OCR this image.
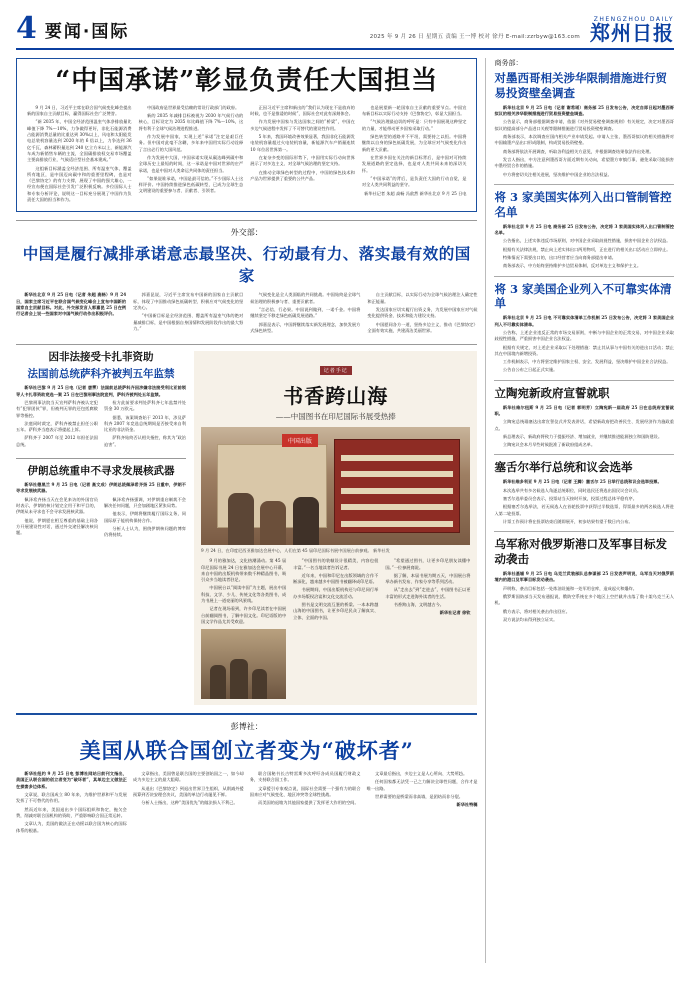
4 要闻·国际	2025 年 9 月 26 日 星期五 责编 王一博 校对 徐丹 E-mail:zzrbyw@163.com
ZHENGZHOU DAILY
郑州日报
“中国承诺”彰显负责任大国担当

9 月 24 日，习近平主席在联合国气候变化峰会提出新的国家自主贡献目标，赢得国际社会广泛赞誉。

“新 2035 年，中国全经济范围温室气体净排放量比峰值下降 7%～10%，力争做得更好，非化石能源消费占能源消费总量的比重达到 30%以上，风电和太阳能发电总装机容量达到 2020 年的 6 倍以上，力争达到 36 亿千瓦，森林蓄积量达到 240 亿立方米以上，新能源汽车成为新销售车辆的主流，全国碳排放权交易市场覆盖主要高排放行业，气候适应型社会基本建成。”

这组新目标涵盖全经济范围、所有温室气体，覆盖所有地区，是中国迈向碳中和的重要里程碑，也是对《巴黎协定》的有力支撑，展现了中国的强大雄心，一经宣布便在国际社会引发广泛积极反响。多位国际人士和专家分析评论，说明这一目标充分展现了中国作为负责任大国的担当和作为。

中国政府是世界最受信赖的常设行政部门的政府。

新的 2035 年减排目标被视为 2030 年气候行动的核心，目标设定为 2035 年比峰值下降 7%～10%，这将有利于全球气候治理进程推进。

作为发展中国家，实现上述“承诺”注定是艰巨任务。但中国对此毫不含糊，多年来中国用实际行动诠释了言出必行的大国风范。

作为发展中大国，中国承诺实现从碳达峰到碳中和全球历史上最短的时间，这一承诺是中国对世界的庄严承诺，也是中国对人类命运共同体的责任担当。

“如果说谁承诺，中国是最可信的。”不少国际人士这样评价。中国持续推进绿色低碳转型，已成为全球生态文明建设的重要参与者、贡献者、引领者。

正因习近平主席和新出的“我们认为现在不是放弃的时候，也不是推诿的时候”，国际社会对此有深刻体会。

作为发展中国家与发达国家之间的“桥梁”，中国在多边气候进程中发挥了不可替代的建设性作用。

5 年来，我国环境改善效果显著，我国非化石能源发电装机容量超过火电装机容量，新能源汽车产销量连续 10 年位居世界第一。

在复杂多变的国际形势下，中国用实际行动向世界展示了对多边主义、对全球气候治理的坚定支持。

在推动全球绿色转型的过程中，中国的绿色技术和产品为世界提供了重要的公共产品。

也是展望新一轮国家自主贡献的重要节点。中国宣布新目标以实际行动支持《巴黎协定》，彰显大国担当。

“气候治理最迫切的呼吁是：只有中国展现这种坚定的力量，才能带动更多国家采取行动。”

绿色转型的道路并不平坦，需要持之以恒。中国将继续以自身的绿色低碳发展，为全球应对气候变化作出新的更大贡献。

在世界多国在关注的新目标背后，是中国对可持续发展道路的坚定选择，也是对人类共同未来的深切关怀。

“中国承诺”的背后，是负责任大国的行动自觉，是对全人类共同利益的坚守。

新华社记者 朱超 高畅 冯歆然 新华社北京 9 月 25 日电
外交部：
中国是履行减排承诺意志最坚决、行动最有力、落实最有效的国家

新华社北京 9 月 25 日电（记者 朱超 高畅）9 月 24 日，国家主席习近平在联合国气候变化峰会上宣布中国新的国家自主贡献目标。对此，外交部发言人郭嘉昆 25 日在例行记者会上说一些国家对中国气候行动作出积极评价。

郭嘉昆说，习近平主席宣布中国新的国家自主贡献目标，体现了中国推动绿色低碳转型、积极应对气候变化的坚定决心。

“中国新目标是全经济范围、覆盖所有温室气体的绝对量减排目标，是中国根据自身国情和发展阶段作出的最大努力。”

气候变化是全人类面临的共同挑战。中国始终是全球气候治理的积极参与者、重要贡献者。

“言必信、行必果。中国说到做到，一诺千金。中国将继续坚定不移走绿色低碳发展道路。”

郭嘉昆表示，中国将继续落实新发展理念，加快发展方式绿色转型。

自主贡献目标，以实际行动为全球气候治理注入确定性和正能量。

发达国家应切实履行出资义务，为发展中国家应对气候变化提供资金、技术和能力建设支持。

中国愿同各方一道，坚持多边主义，推动《巴黎协定》全面有效实施，共建清洁美丽世界。

因非法接受卡扎菲资助
法国前总统萨科齐被判五年监禁

新华社巴黎 9 月 25 日电（记者 唐霁）法国前总统萨科齐因涉嫌非法接受利比亚前领导人卡扎菲资助竞选一案 25 日在巴黎刑事法院宣判，萨科齐被判处五年监禁。

巴黎刑事法院当天宣判萨科齐被认定犯有“犯罪团伙”罪，但被判无罪的还包括腐败罪等指控。

法庭同时裁定，萨科齐被禁止担任公职五年。萨科齐当庭表示将提起上诉。

萨科齐于 2007 年至 2012 年担任法国总统。

检方此前要求判处萨科齐七年监禁并处罚金 30 万欧元。

据悉，该案调查始于 2013 年，涉及萨科齐 2007 年竞选总统期间是否接受来自利比亚的非法资金。

萨科齐始终否认相关指控，称其为“政治迫害”。

伊朗总统重申不寻求发展核武器

新华社德黑兰 9 月 25 日电（记者 高文成）伊朗总统佩泽希齐扬 25 日重申，伊朗不寻求发展核武器。

佩泽希齐扬当天在会见来访的外国官员时表示，伊朗的核计划完全用于和平目的，伊朗从未寻求也不会寻求发展核武器。

他说，伊朗愿在相互尊重的基础上同各方开展建设性对话，通过外交途径解决核问题。

佩泽希齐扬强调，对伊朗重启制裁不会解决任何问题，只会加剧地区紧张局势。

他表示，伊朗将继续履行国际义务，同国际原子能机构保持合作。

分析人士认为，围绕伊朗核问题的博弈仍将持续。

记者手记
书香跨山海
——中国图书在印尼国际书展受热捧
中国出版
9 月 24 日，在印度尼西亚雅加达会展中心，人们在第 45 届印尼国际书展中国展台前参观。 新华社发

9 月的雅加达，文化热潮涌动。第 45 届印尼国际书展 24 日在雅加达会展中心开幕，来自中国的出版机构带来数千种精品图书，吸引众多当地读者驻足。

中国展台以“阅读中国”为主题，展出中国科技、文学、少儿、传统文化等各类图书，成为书展上一道亮丽的风景线。

记者在现场看到，许多印尼读者在中国展台前翻阅图书，了解中国文化。印尼语版的中国文学作品尤其受欢迎。

“中国图书的装帧设计很精美，内容也很丰富。”一名当地读者告诉记者。

近年来，中国和印尼在出版领域的合作不断深化，越来越多中国图书被翻译成印尼语。

书展期间，中国出版机构还与印尼同行举办多场版权洽谈和文化交流活动。

图书是文明交流互鉴的桥梁。一本本跨越山海的中国图书，让更多印尼民众了解真实、立体、全面的中国。

“希望通过图书，让更多印尼朋友读懂中国。”一位参展商说。

据了解，本届书展为期五天，中国展台将举办新书发布、作家分享等系列活动。

从“走出去”到“走进去”，中国图书正以更丰富的形式走进海外读者的生活。

书香跨山海，文明越古今。

新华社记者 徐钦

彭博社：
美国从联合国创立者变为“破坏者”

新华社纽约 9 月 25 日电 彭博社网站日前刊文指出，美国正从联合国的创立者变为“破坏者”，其单边主义做法正在损害多边体系。

文章说，联合国成立 80 年来，为维护世界和平与发展发挥了不可替代的作用。

然而近年来，美国退出多个国际组织和协定，拖欠会费，削减对联合国机构的资助，严重影响联合国正常运转。

文章认为，美国的做法正在动摇以联合国为核心的国际体系的根基。

文章指出，美国曾是联合国的主要创始国之一，如今却成为多边主义的最大阻碍。

从退出《巴黎协定》到退出世界卫生组织，从削减外援预算到否决安理会决议，美国的单边行动屡见不鲜。

分析人士指出，这种“美国优先”的做法损人不利己。

联合国秘书长古特雷斯多次呼吁各成员国履行财政义务，支持联合国工作。

文章援引专家观点说，国际社会需要一个强有力的联合国来应对气候变化、地区冲突等全球性挑战。

而美国的退缩为其他国家提供了发挥更大作用的空间。

文章最后指出，多边主义是人心所向、大势所趋。

任何国家都无法凭一己之力解决全球性问题，合作才是唯一出路。

世界需要的是桥梁而非高墙，是团结而非分裂。

新华社特稿

商务部：
对墨西哥相关涉华限制措施进行贸易投资壁垒调查

新华社北京 9 月 25 日电（记者 谢希瑶）商务部 25 日发布公告，决定自即日起对墨西哥拟议的相关涉华限制措施进行贸易投资壁垒调查。

公告显示，商务部根据调查申请，依据《对外贸易壁垒调查规则》有关规定，决定对墨西哥拟议的提高部分产品进口关税等限制措施进行贸易投资壁垒调查。

商务部表示，本次调查应国内相关产业申请发起。申请人主张，墨西哥拟议的相关措施将对中国输墨产品出口形成限制，构成贸易投资壁垒。

商务部将依法开展调查，听取各利益相关方意见，并根据调查结果依法作出处理。

发言人指出，中方注意到墨西哥方面近期有关动向，希望墨方审慎行事，避免采取可能损害中墨经贸合作的措施。

中方将密切关注相关进展，坚决维护中国企业的合法权益。

将 3 家美国实体列入出口管制管控名单

新华社北京 9 月 25 日电 商务部 25 日发布公告，决定将 3 家美国实体列入出口管制管控名单。

公告指出，上述实体违反市场原则，对中国企业采取歧视性措施，损害中国企业合法权益。

根据有关法律法规，禁止向上述实体出口两用物项，正在进行的相关出口活动应立即停止。

特殊情况下需要出口的，出口经营者应当向商务部提出申请。

商务部表示，中方始终坚持维护多边贸易体制，反对单边主义和保护主义。

将 3 家美国企业列入不可靠实体清单

新华社北京 9 月 25 日电 不可靠实体清单工作机制 25 日发布公告，决定将 3 家美国企业列入不可靠实体清单。

公告称，上述企业违反正常的市场交易原则，中断与中国企业的正常交易，对中国企业采取歧视性措施，严重损害中国企业合法权益。

根据有关规定，对上述企业采取以下处理措施：禁止其从事与中国有关的进出口活动；禁止其在中国境内新增投资。

工作机制表示，中方将坚定维护国家主权、安全、发展利益，坚决维护中国企业合法权益。

公告自公布之日起正式实施。

立陶宛新政府宣誓就职

新华社维尔纽斯 9 月 25 日电（记者 郭明芳）立陶宛新一届政府 25 日在总统府宣誓就职。

立陶宛总统瑙塞达出席宣誓仪式并发表讲话，希望新政府把改善民生、发展经济作为施政重点。

新总理表示，新政府将致力于提振经济、增加就业，并继续推进能源独立和国防建设。

立陶宛议会本月早些时候批准了新政府组成名单。

塞舌尔举行总统和议会选举

新华社维多利亚 9 月 25 日电（记者 王腾）塞舌尔 25 日举行总统和议会选举投票。

本次选举共有多名候选人角逐总统职位，同时选民还将选出国民议会议员。

塞舌尔选举委员会表示，投票站当天按时开放，投票过程总体平稳有序。

根据塞舌尔选举法，若无候选人在首轮投票中获得过半数选票，得票最多的两名候选人将进入第二轮投票。

计票工作预计将在投票结束后随即展开，初步结果有望于数日内公布。

乌军称对俄罗斯港口及军事目标发动袭击

新华社基辅 9 月 25 日电 乌克兰武装部队总参谋部 25 日发表声明说，乌军当天对俄罗斯境内的港口及军事目标发动袭击。

声明称，袭击目标包括一处炼油设施和一处军用仓库，造成起火和爆炸。

俄罗斯国防部当天发布通报说，俄防空系统在多个地区上空拦截并击落了数十架乌克兰无人机。

俄方表示，将对相关袭击作出回应。

双方说法均未得到独立证实。
